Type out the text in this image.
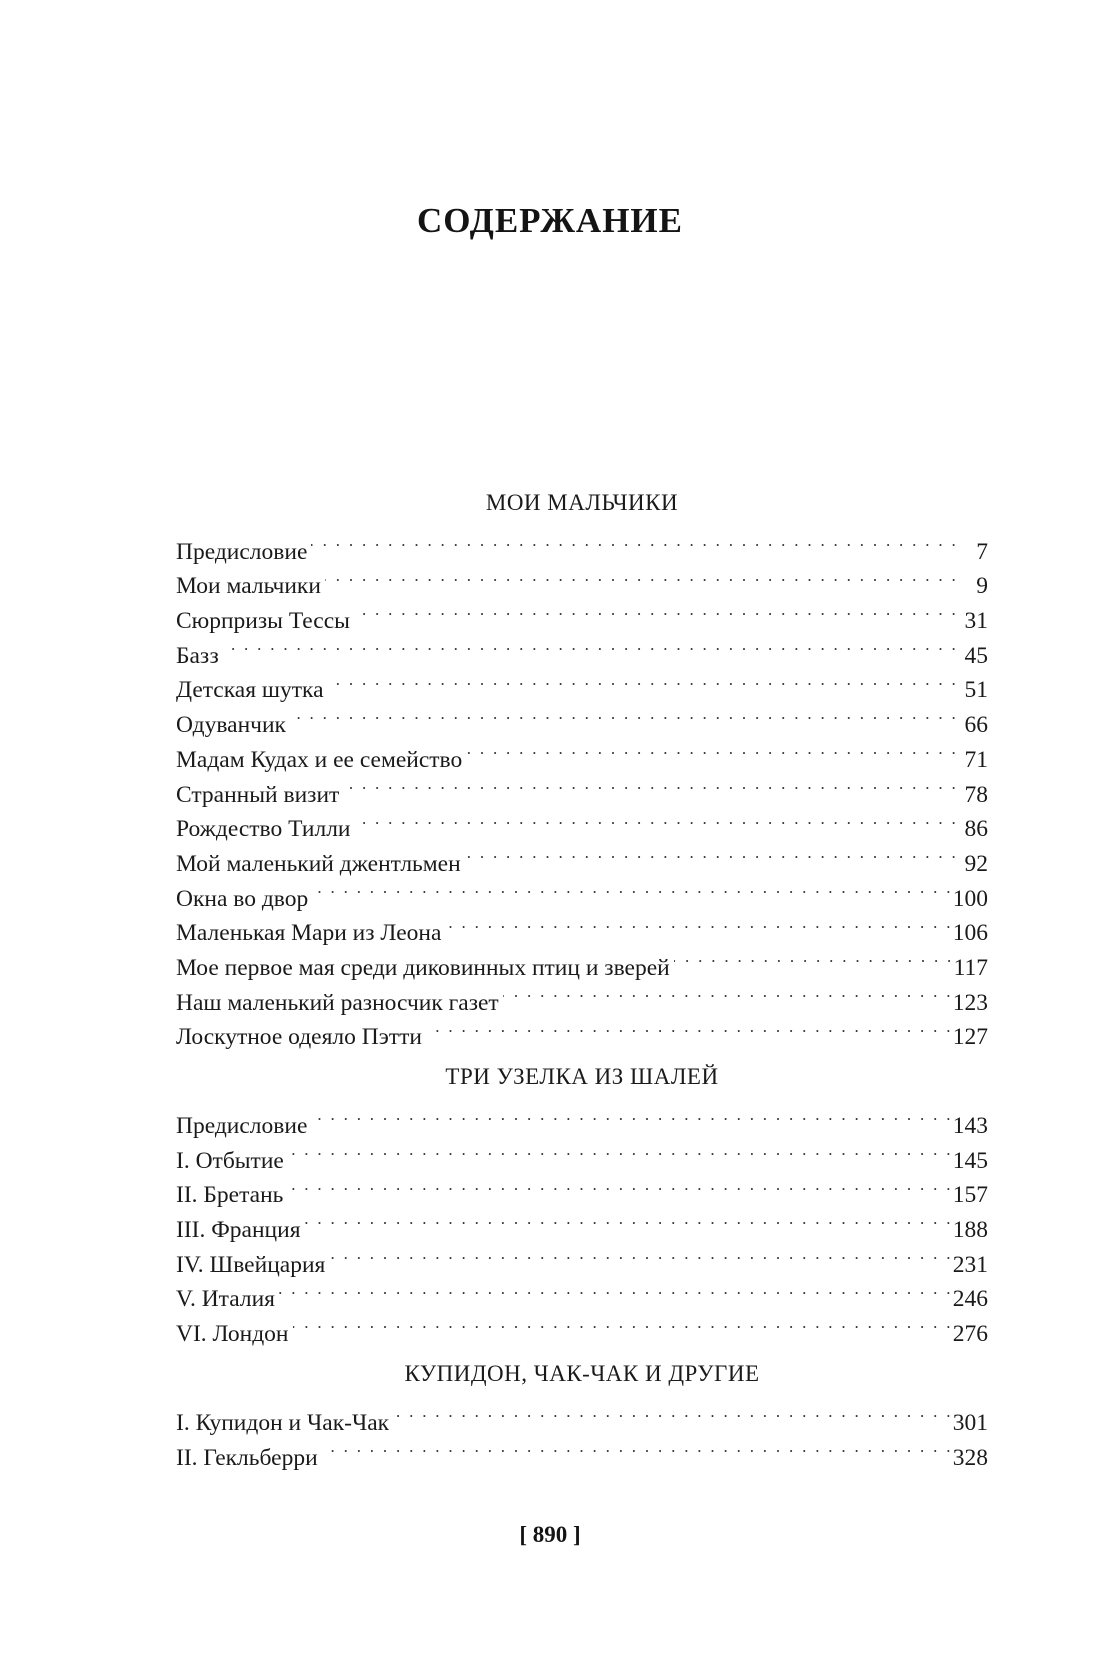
СОДЕРЖАНИЕ
МОИ МАЛЬЧИКИ
Предисловие . . .	7
Мои мальчики . . .	9
Сюрпризы Тессы . . .	31
Базз . . .	45
Детская шутка . . .	51
Одуванчик . . .	66
Мадам Кудах и ее семейство . . .	71
Странный визит . . .	78
Рождество Тилли . . .	86
Мой маленький джентльмен . . .	92
Окна во двор . . .	100
Маленькая Мари из Леона . . .	106
Мое первое мая среди диковинных птиц и зверей . . .	117
Наш маленький разносчик газет . . .	123
Лоскутное одеяло Пэтти . . .	127
ТРИ УЗЕЛКА ИЗ ШАЛЕЙ
Предисловие . . .	143
I. Отбытие . . .	145
II. Бретань . . .	157
III. Франция . . .	188
IV. Швейцария . . .	231
V. Италия . . .	246
VI. Лондон . . .	276
КУПИДОН, ЧАК-ЧАК И ДРУГИЕ
I. Купидон и Чак-Чак . . .	301
II. Гекльберри . . .	328
[ 890 ]
